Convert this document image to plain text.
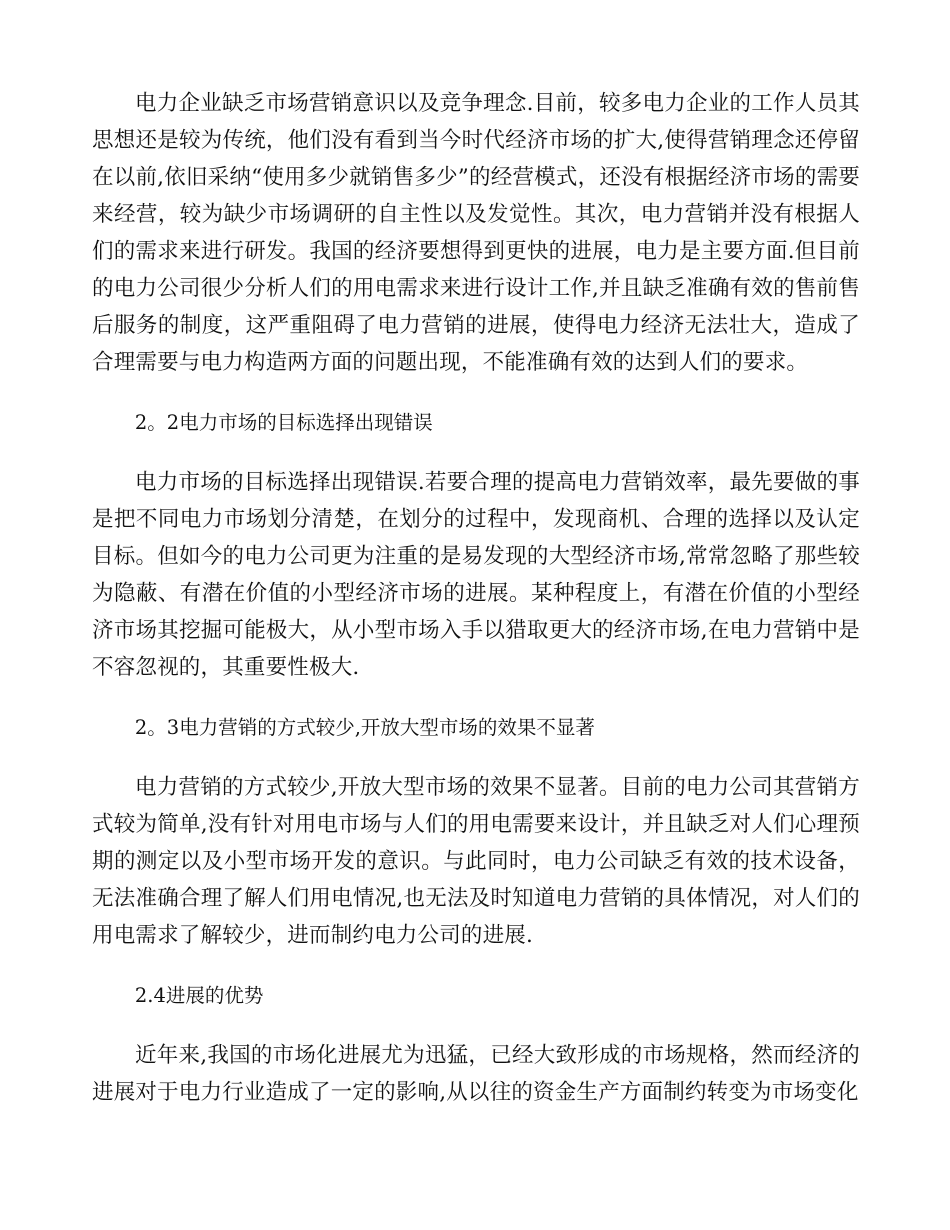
电力企业缺乏市场营销意识以及竞争理念.目前，较多电力企业的工作人员其思想还是较为传统，他们没有看到当今时代经济市场的扩大,使得营销理念还停留在以前,依旧采纳“使用多少就销售多少”的经营模式，还没有根据经济市场的需要来经营，较为缺少市场调研的自主性以及发觉性。其次，电力营销并没有根据人们的需求来进行研发。我国的经济要想得到更快的进展，电力是主要方面.但目前的电力公司很少分析人们的用电需求来进行设计工作,并且缺乏准确有效的售前售后服务的制度，这严重阻碍了电力营销的进展，使得电力经济无法壮大，造成了合理需要与电力构造两方面的问题出现，不能准确有效的达到人们的要求。

2。2电力市场的目标选择出现错误

电力市场的目标选择出现错误.若要合理的提高电力营销效率，最先要做的事是把不同电力市场划分清楚，在划分的过程中，发现商机、合理的选择以及认定目标。但如今的电力公司更为注重的是易发现的大型经济市场,常常忽略了那些较为隐蔽、有潜在价值的小型经济市场的进展。某种程度上，有潜在价值的小型经济市场其挖掘可能极大，从小型市场入手以猎取更大的经济市场,在电力营销中是不容忽视的，其重要性极大.

2。3电力营销的方式较少,开放大型市场的效果不显著

电力营销的方式较少,开放大型市场的效果不显著。目前的电力公司其营销方式较为简单,没有针对用电市场与人们的用电需要来设计，并且缺乏对人们心理预期的测定以及小型市场开发的意识。与此同时，电力公司缺乏有效的技术设备，无法准确合理了解人们用电情况,也无法及时知道电力营销的具体情况，对人们的用电需求了解较少，进而制约电力公司的进展.

2.4进展的优势

近年来,我国的市场化进展尤为迅猛，已经大致形成的市场规格，然而经济的进展对于电力行业造成了一定的影响,从以往的资金生产方面制约转变为市场变化
